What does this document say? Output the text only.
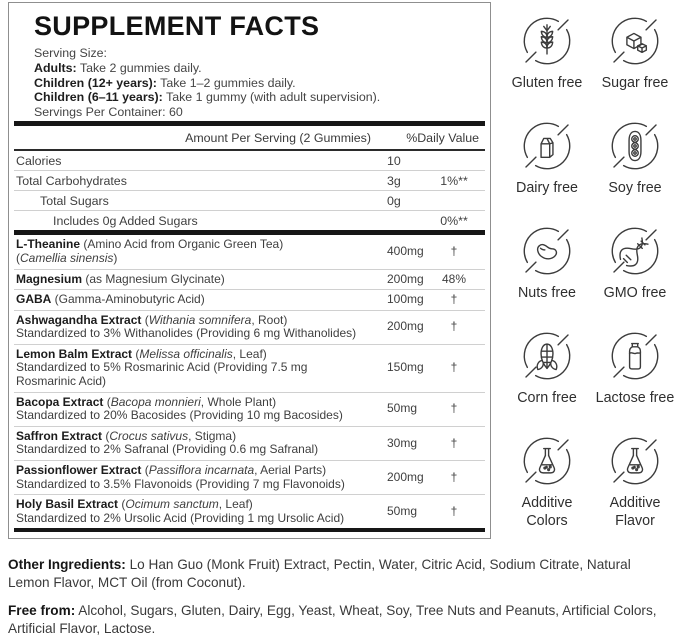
SUPPLEMENT FACTS

Serving Size:

Adults: Take 2 gummies daily.

Children (12+ years): Take 1–2 gummies daily.

Children (6–11 years): Take 1 gummy (with adult supervision).

Servings Per Container: 60

Amount Per Serving (2 Gummies)	%Daily Value
Calories	10
Total Carbohydrates	3g	1%**
Total Sugars	0g
Includes 0g Added Sugars	0%**
L-Theanine (Amino Acid from Organic Green Tea)
(Camellia sinensis)	400mg	†
Magnesium (as Magnesium Glycinate)	200mg	48%
GABA (Gamma-Aminobutyric Acid)	100mg	†
Ashwagandha Extract (Withania somnifera, Root)
Standardized to 3% Withanolides (Providing 6 mg Withanolides)	200mg	†
Lemon Balm Extract (Melissa officinalis, Leaf)
Standardized to 5% Rosmarinic Acid (Providing 7.5 mg Rosmarinic Acid)
150mg	†
Bacopa Extract (Bacopa monnieri, Whole Plant)
Standardized to 20% Bacosides (Providing 10 mg Bacosides)	50mg	†
Saffron Extract (Crocus sativus, Stigma)
Standardized to 2% Safranal (Providing 0.6 mg Safranal)	30mg	†
Passionflower Extract (Passiflora incarnata, Aerial Parts)
Standardized to 3.5% Flavonoids (Providing 7 mg Flavonoids)	200mg	†
Holy Basil Extract (Ocimum sanctum, Leaf)
Standardized to 2% Ursolic Acid (Providing 1 mg Ursolic Acid)	50mg	†

Gluten free Sugar free
Dairy free Soy free
Nuts free GMO free
Corn free Lactose free
Additive Colors
Additive Flavor

Other Ingredients: Lo Han Guo (Monk Fruit) Extract, Pectin, Water, Citric Acid, Sodium Citrate, Natural Lemon Flavor, MCT Oil (from Coconut).

Free from: Alcohol, Sugars, Gluten, Dairy, Egg, Yeast, Wheat, Soy, Tree Nuts and Peanuts, Artificial Colors, Artificial Flavor, Lactose.
